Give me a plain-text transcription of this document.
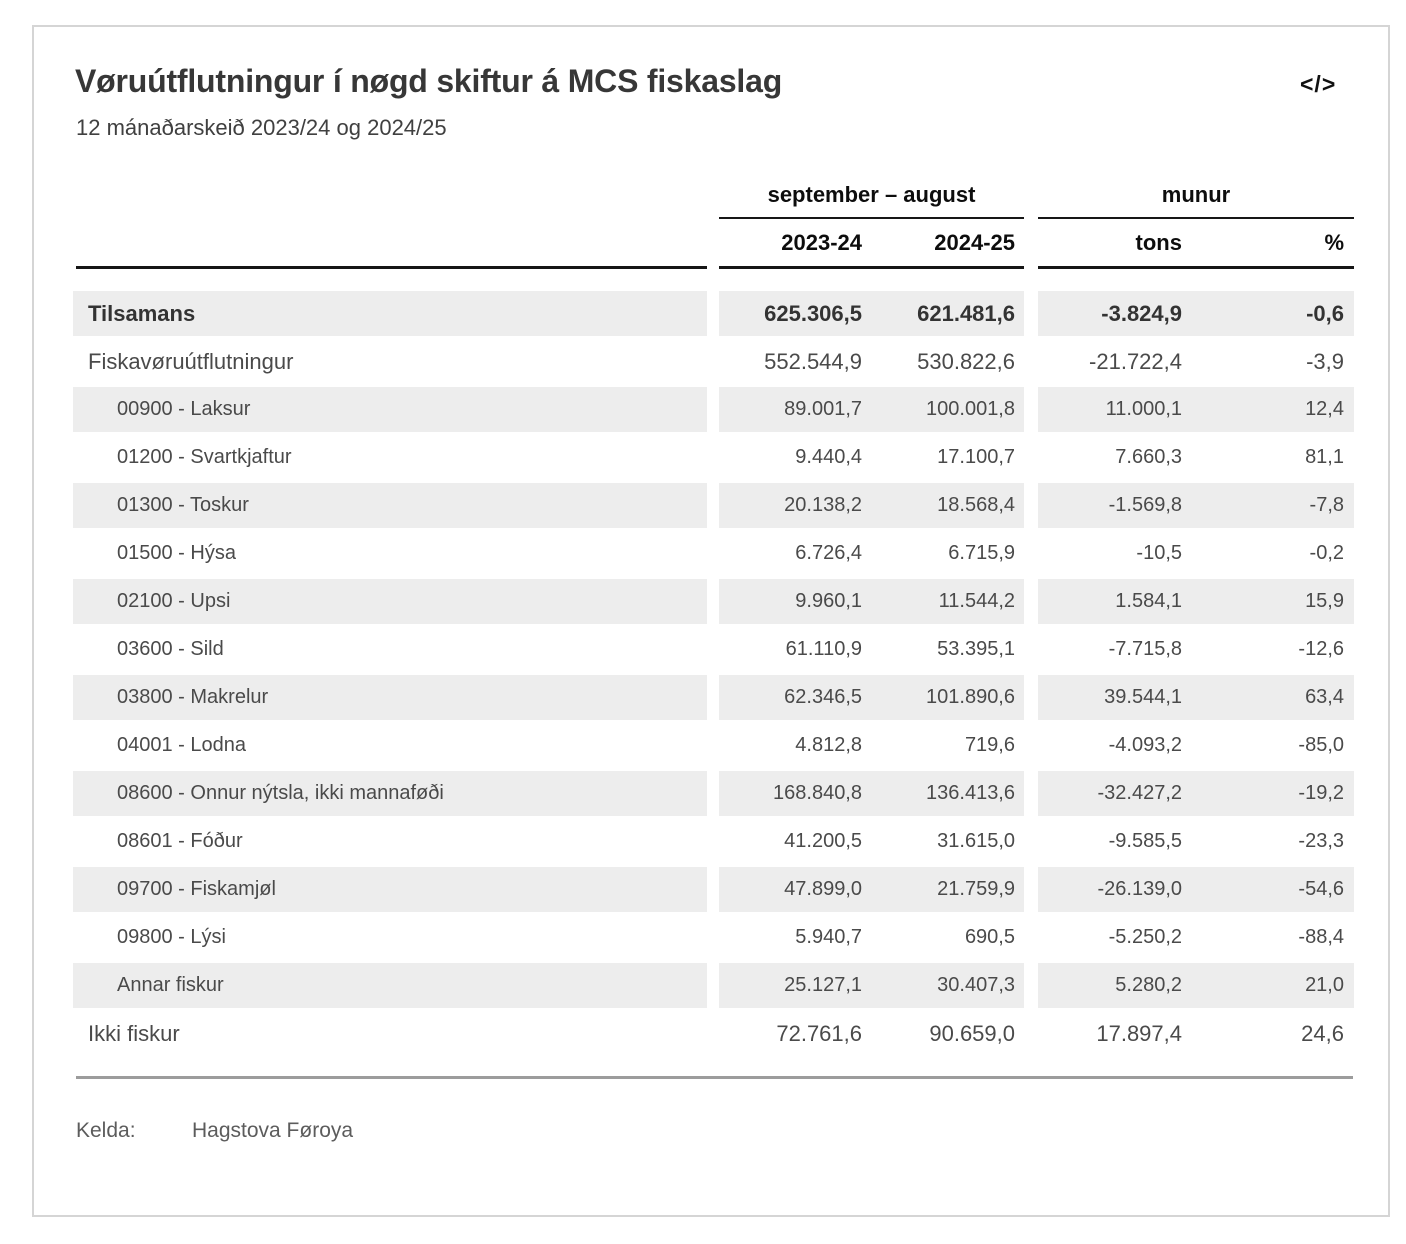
Vøruútflutningur í nøgd skiftur á MCS fiskaslag
12 mánaðarskeið 2023/24 og 2024/25
</>
september – august	munur
2023-24	2024-25	tons	%
Tilsamans	625.306,5	621.481,6	-3.824,9	-0,6
Fiskavøruútflutningur	552.544,9	530.822,6	-21.722,4	-3,9
00900 - Laksur	89.001,7	100.001,8	11.000,1	12,4
01200 - Svartkjaftur	9.440,4	17.100,7	7.660,3	81,1
01300 - Toskur	20.138,2	18.568,4	-1.569,8	-7,8
01500 - Hýsa	6.726,4	6.715,9	-10,5	-0,2
02100 - Upsi	9.960,1	11.544,2	1.584,1	15,9
03600 - Sild	61.110,9	53.395,1	-7.715,8	-12,6
03800 - Makrelur	62.346,5	101.890,6	39.544,1	63,4
04001 - Lodna	4.812,8	719,6	-4.093,2	-85,0
08600 - Onnur nýtsla, ikki mannaføði	168.840,8	136.413,6	-32.427,2	-19,2
08601 - Fóður	41.200,5	31.615,0	-9.585,5	-23,3
09700 - Fiskamjøl	47.899,0	21.759,9	-26.139,0	-54,6
09800 - Lýsi	5.940,7	690,5	-5.250,2	-88,4
Annar fiskur	25.127,1	30.407,3	5.280,2	21,0
Ikki fiskur	72.761,6	90.659,0	17.897,4	24,6
Kelda:	Hagstova Føroya
